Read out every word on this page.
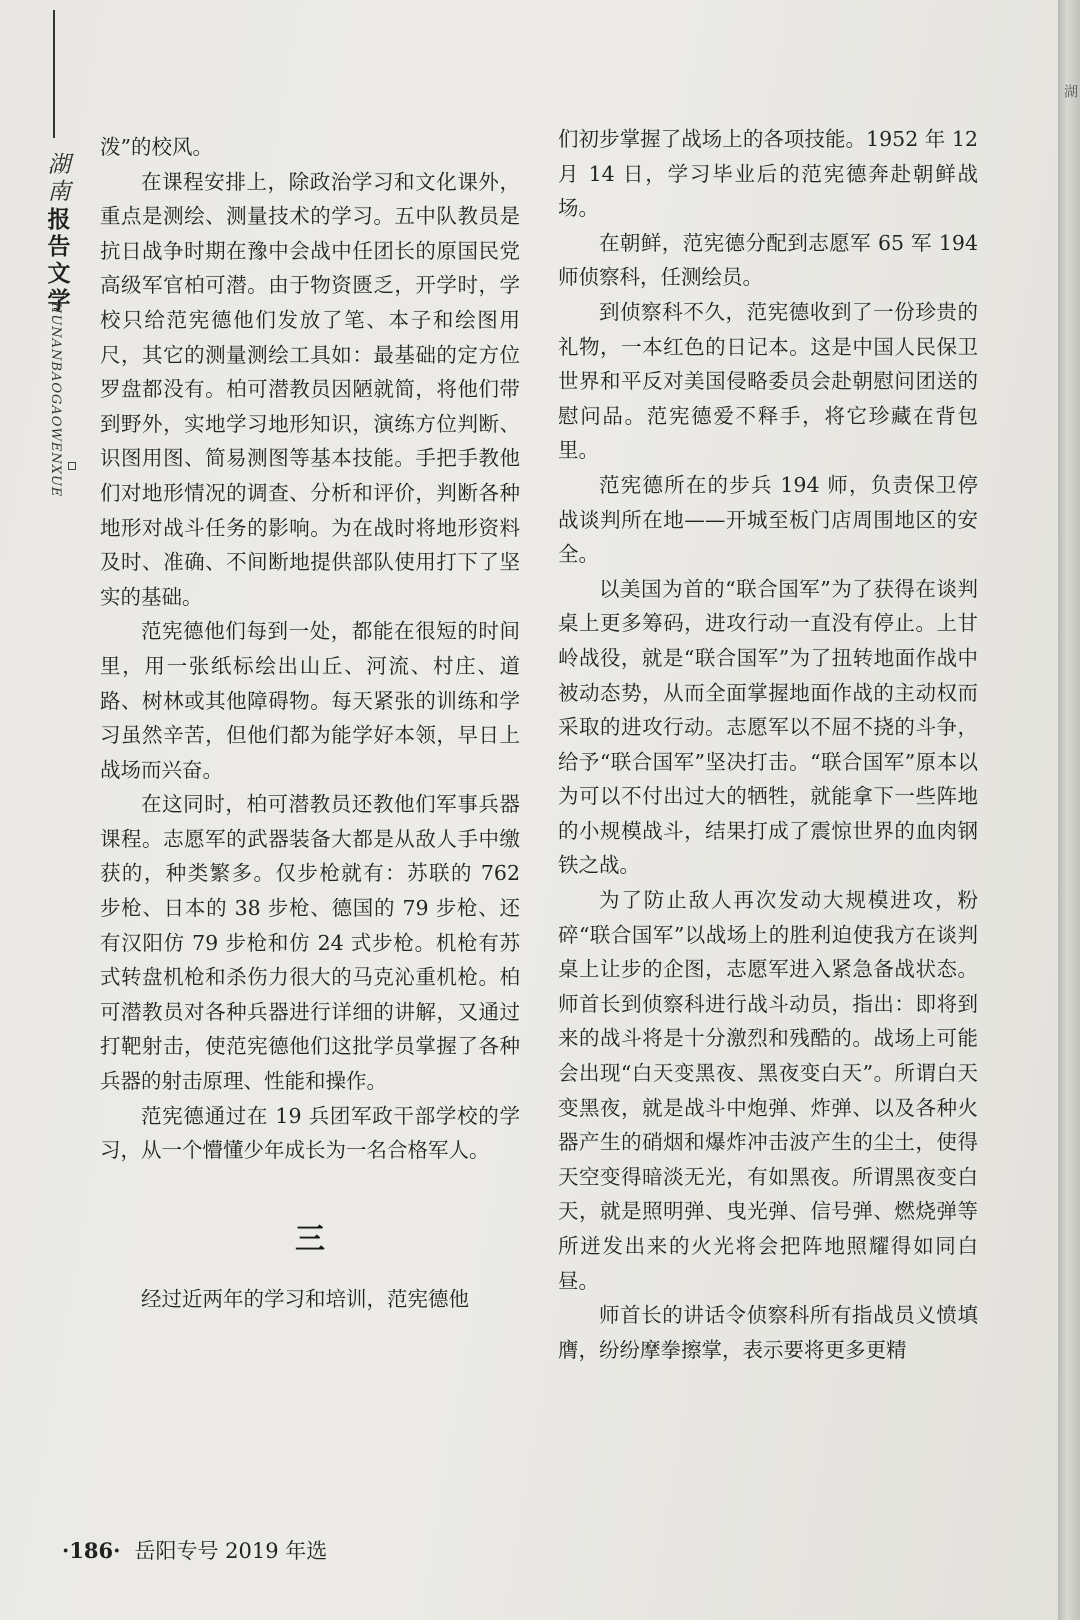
湖
南
报
告
文
学
HUNANBAOGAOWENXUE

泼”的校风。

在课程安排上，除政治学习和文化课外，重点是测绘、测量技术的学习。五中队教员是抗日战争时期在豫中会战中任团长的原国民党高级军官柏可潜。由于物资匮乏，开学时，学校只给范宪德他们发放了笔、本子和绘图用尺，其它的测量测绘工具如：最基础的定方位罗盘都没有。柏可潜教员因陋就简，将他们带到野外，实地学习地形知识，演练方位判断、识图用图、简易测图等基本技能。手把手教他们对地形情况的调查、分析和评价，判断各种地形对战斗任务的影响。为在战时将地形资料及时、准确、不间断地提供部队使用打下了坚实的基础。

范宪德他们每到一处，都能在很短的时间里，用一张纸标绘出山丘、河流、村庄、道路、树林或其他障碍物。每天紧张的训练和学习虽然辛苦，但他们都为能学好本领，早日上战场而兴奋。

在这同时，柏可潜教员还教他们军事兵器课程。志愿军的武器装备大都是从敌人手中缴获的，种类繁多。仅步枪就有：苏联的 762 步枪、日本的 38 步枪、德国的 79 步枪、还有汉阳仿 79 步枪和仿 24 式步枪。机枪有苏式转盘机枪和杀伤力很大的马克沁重机枪。柏可潜教员对各种兵器进行详细的讲解，又通过打靶射击，使范宪德他们这批学员掌握了各种兵器的射击原理、性能和操作。

范宪德通过在 19 兵团军政干部学校的学习，从一个懵懂少年成长为一名合格军人。

三

经过近两年的学习和培训，范宪德他

们初步掌握了战场上的各项技能。1952 年 12 月 14 日，学习毕业后的范宪德奔赴朝鲜战场。

在朝鲜，范宪德分配到志愿军 65 军 194 师侦察科，任测绘员。

到侦察科不久，范宪德收到了一份珍贵的礼物，一本红色的日记本。这是中国人民保卫世界和平反对美国侵略委员会赴朝慰问团送的慰问品。范宪德爱不释手，将它珍藏在背包里。

范宪德所在的步兵 194 师，负责保卫停战谈判所在地——开城至板门店周围地区的安全。

以美国为首的“联合国军”为了获得在谈判桌上更多筹码，进攻行动一直没有停止。上甘岭战役，就是“联合国军”为了扭转地面作战中被动态势，从而全面掌握地面作战的主动权而采取的进攻行动。志愿军以不屈不挠的斗争，给予“联合国军”坚决打击。“联合国军”原本以为可以不付出过大的牺牲，就能拿下一些阵地的小规模战斗，结果打成了震惊世界的血肉钢铁之战。

为了防止敌人再次发动大规模进攻，粉碎“联合国军”以战场上的胜利迫使我方在谈判桌上让步的企图，志愿军进入紧急备战状态。师首长到侦察科进行战斗动员，指出：即将到来的战斗将是十分激烈和残酷的。战场上可能会出现“白天变黑夜、黑夜变白天”。所谓白天变黑夜，就是战斗中炮弹、炸弹、以及各种火器产生的硝烟和爆炸冲击波产生的尘土，使得天空变得暗淡无光，有如黑夜。所谓黑夜变白天，就是照明弹、曳光弹、信号弹、燃烧弹等所迸发出来的火光将会把阵地照耀得如同白昼。

师首长的讲话令侦察科所有指战员义愤填膺，纷纷摩拳擦掌，表示要将更多更精

·186· 岳阳专号 2019 年选
湖
